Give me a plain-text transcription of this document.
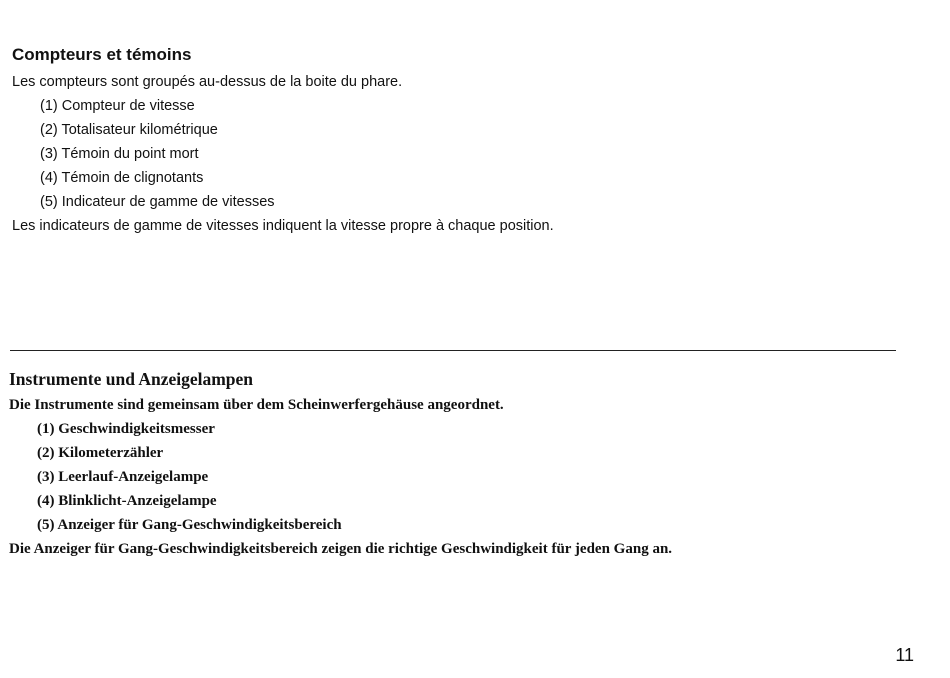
Compteurs et témoins

Les compteurs sont groupés au-dessus de la boite du phare.

(1) Compteur de vitesse
(2) Totalisateur kilométrique
(3) Témoin du point mort
(4) Témoin de clignotants
(5) Indicateur de gamme de vitesses

Les indicateurs de gamme de vitesses indiquent la vitesse propre à chaque position.

Instrumente und Anzeigelampen

Die Instrumente sind gemeinsam über dem Scheinwerfergehäuse angeordnet.

(1) Geschwindigkeitsmesser
(2) Kilometerzähler
(3) Leerlauf-Anzeigelampe
(4) Blinklicht-Anzeigelampe
(5) Anzeiger für Gang-Geschwindigkeitsbereich

Die Anzeiger für Gang-Geschwindigkeitsbereich zeigen die richtige Geschwindigkeit für jeden Gang an.

11
